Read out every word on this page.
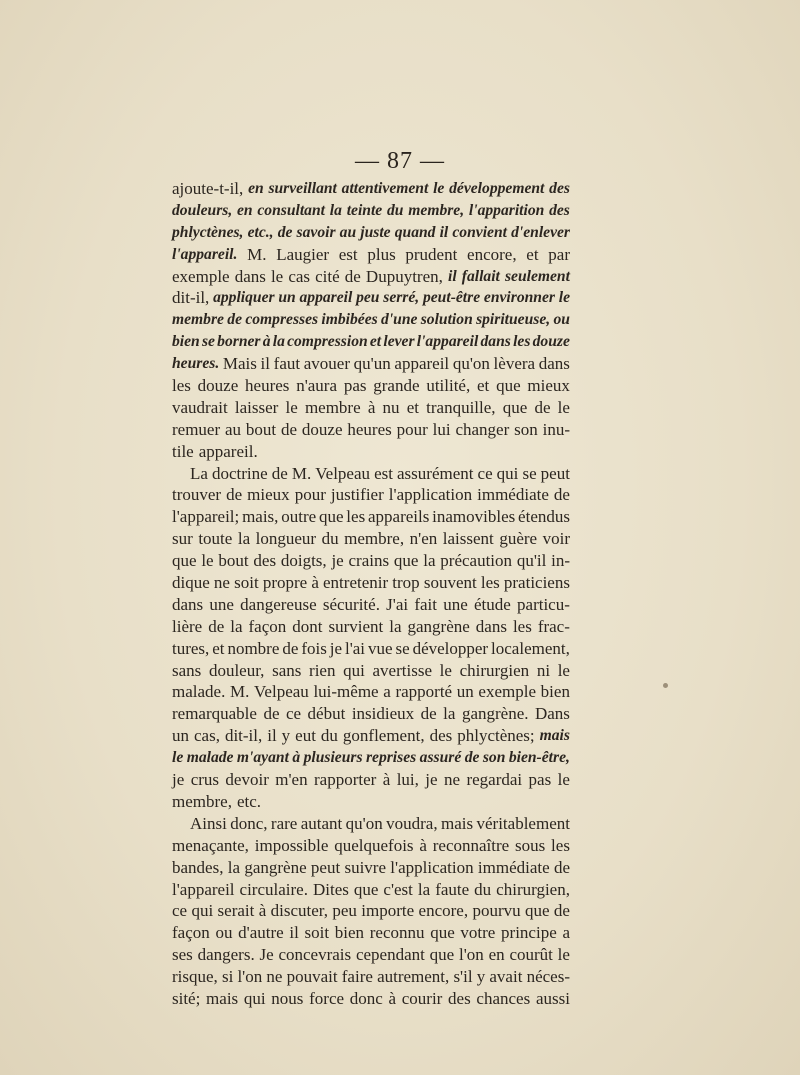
— 87 —
ajoute-t-il, en surveillant attentivement le développement des
douleurs, en consultant la teinte du membre, l'apparition des
phlyctènes, etc., de savoir au juste quand il convient d'enlever
l'appareil. M. Laugier est plus prudent encore, et par
exemple dans le cas cité de Dupuytren, il fallait seulement
dit-il, appliquer un appareil peu serré, peut-être environner le
membre de compresses imbibées d'une solution spiritueuse, ou
bien se borner à la compression et lever l'appareil dans les douze
heures. Mais il faut avouer qu'un appareil qu'on lèvera dans
les douze heures n'aura pas grande utilité, et que mieux
vaudrait laisser le membre à nu et tranquille, que de le
remuer au bout de douze heures pour lui changer son inu-
tile appareil.
La doctrine de M. Velpeau est assurément ce qui se peut
trouver de mieux pour justifier l'application immédiate de
l'appareil; mais, outre que les appareils inamovibles étendus
sur toute la longueur du membre, n'en laissent guère voir
que le bout des doigts, je crains que la précaution qu'il in-
dique ne soit propre à entretenir trop souvent les praticiens
dans une dangereuse sécurité. J'ai fait une étude particu-
lière de la façon dont survient la gangrène dans les frac-
tures, et nombre de fois je l'ai vue se développer localement,
sans douleur, sans rien qui avertisse le chirurgien ni le
malade. M. Velpeau lui-même a rapporté un exemple bien
remarquable de ce début insidieux de la gangrène. Dans
un cas, dit-il, il y eut du gonflement, des phlyctènes; mais
le malade m'ayant à plusieurs reprises assuré de son bien-être,
je crus devoir m'en rapporter à lui, je ne regardai pas le
membre, etc.
Ainsi donc, rare autant qu'on voudra, mais véritablement
menaçante, impossible quelquefois à reconnaître sous les
bandes, la gangrène peut suivre l'application immédiate de
l'appareil circulaire. Dites que c'est la faute du chirurgien,
ce qui serait à discuter, peu importe encore, pourvu que de
façon ou d'autre il soit bien reconnu que votre principe a
ses dangers. Je concevrais cependant que l'on en courût le
risque, si l'on ne pouvait faire autrement, s'il y avait néces-
sité; mais qui nous force donc à courir des chances aussi
